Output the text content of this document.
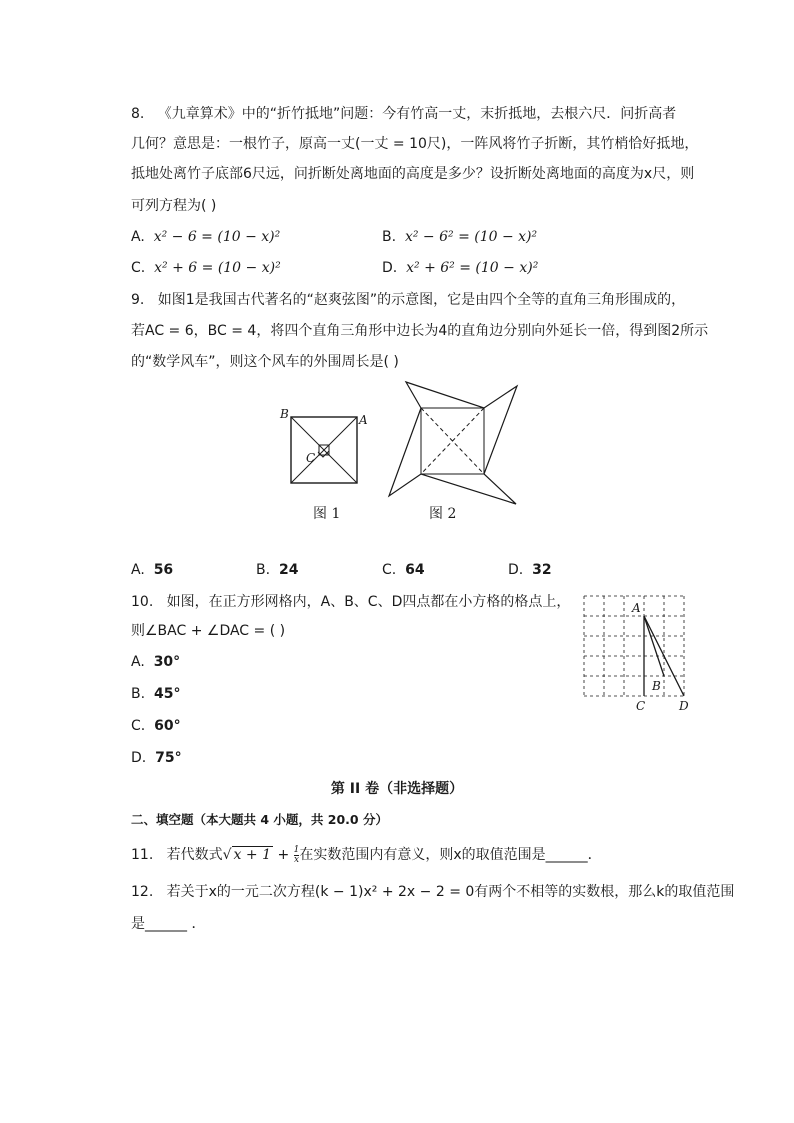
8. 《九章算术》中的“折竹抵地”问题：今有竹高一丈，末折抵地，去根六尺．问折高者
几何？意思是：一根竹子，原高一丈(一丈 = 10尺)，一阵风将竹子折断，其竹梢恰好抵地，
抵地处离竹子底部6尺远，问折断处离地面的高度是多少？设折断处离地面的高度为x尺，则
可列方程为( )
A. x² − 6 = (10 − x)²	B. x² − 6² = (10 − x)²
C. x² + 6 = (10 − x)²	D. x² + 6² = (10 − x)²
9. 如图1是我国古代著名的“赵爽弦图”的示意图，它是由四个全等的直角三角形围成的，
若AC = 6，BC = 4，将四个直角三角形中边长为4的直角边分别向外延长一倍，得到图2所示
的“数学风车”，则这个风车的外围周长是( )
B	A
C
图 1	图 2
A. 56	B. 24	C. 64	D. 32
10. 如图，在正方形网格内，A、B、C、D四点都在小方格的格点上，
则∠BAC + ∠DAC = ( )
A. 30°
B. 45°
C. 60°
D. 75°
A
B
C	D
第 II 卷（非选择题）
二、填空题（本大题共 4 小题，共 20.0 分）
11. 若代数式√ $x + 1 + \frac{1}{x}$ 在实数范围内有意义，则x的取值范围是______．
12. 若关于x的一元二次方程(k − 1)x² + 2x − 2 = 0有两个不相等的实数根，那么k的取值范围
是______ ．
